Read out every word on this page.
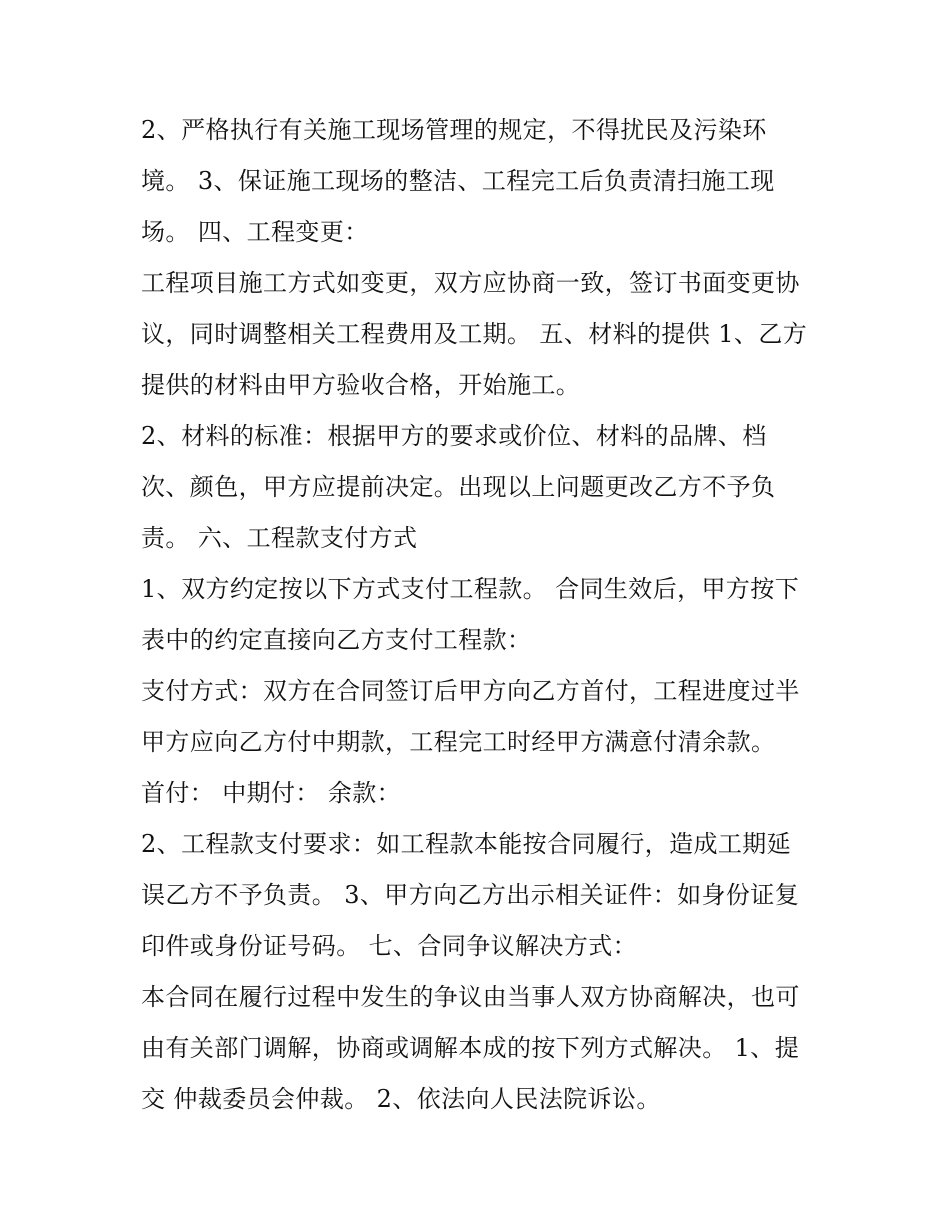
2、严格执行有关施工现场管理的规定，不得扰民及污染环
境。 3、保证施工现场的整洁、工程完工后负责清扫施工现
场。 四、工程变更：
工程项目施工方式如变更，双方应协商一致，签订书面变更协
议，同时调整相关工程费用及工期。 五、材料的提供 1、乙方
提供的材料由甲方验收合格，开始施工。
2、材料的标准：根据甲方的要求或价位、材料的品牌、档
次、颜色，甲方应提前决定。出现以上问题更改乙方不予负
责。 六、工程款支付方式
1、双方约定按以下方式支付工程款。 合同生效后，甲方按下
表中的约定直接向乙方支付工程款：
支付方式：双方在合同签订后甲方向乙方首付，工程进度过半
甲方应向乙方付中期款，工程完工时经甲方满意付清余款。
首付： 中期付： 余款：
2、工程款支付要求：如工程款本能按合同履行，造成工期延
误乙方不予负责。 3、甲方向乙方出示相关证件：如身份证复
印件或身份证号码。 七、合同争议解决方式：
本合同在履行过程中发生的争议由当事人双方协商解决，也可
由有关部门调解，协商或调解本成的按下列方式解决。 1、提
交 仲裁委员会仲裁。 2、依法向人民法院诉讼。
